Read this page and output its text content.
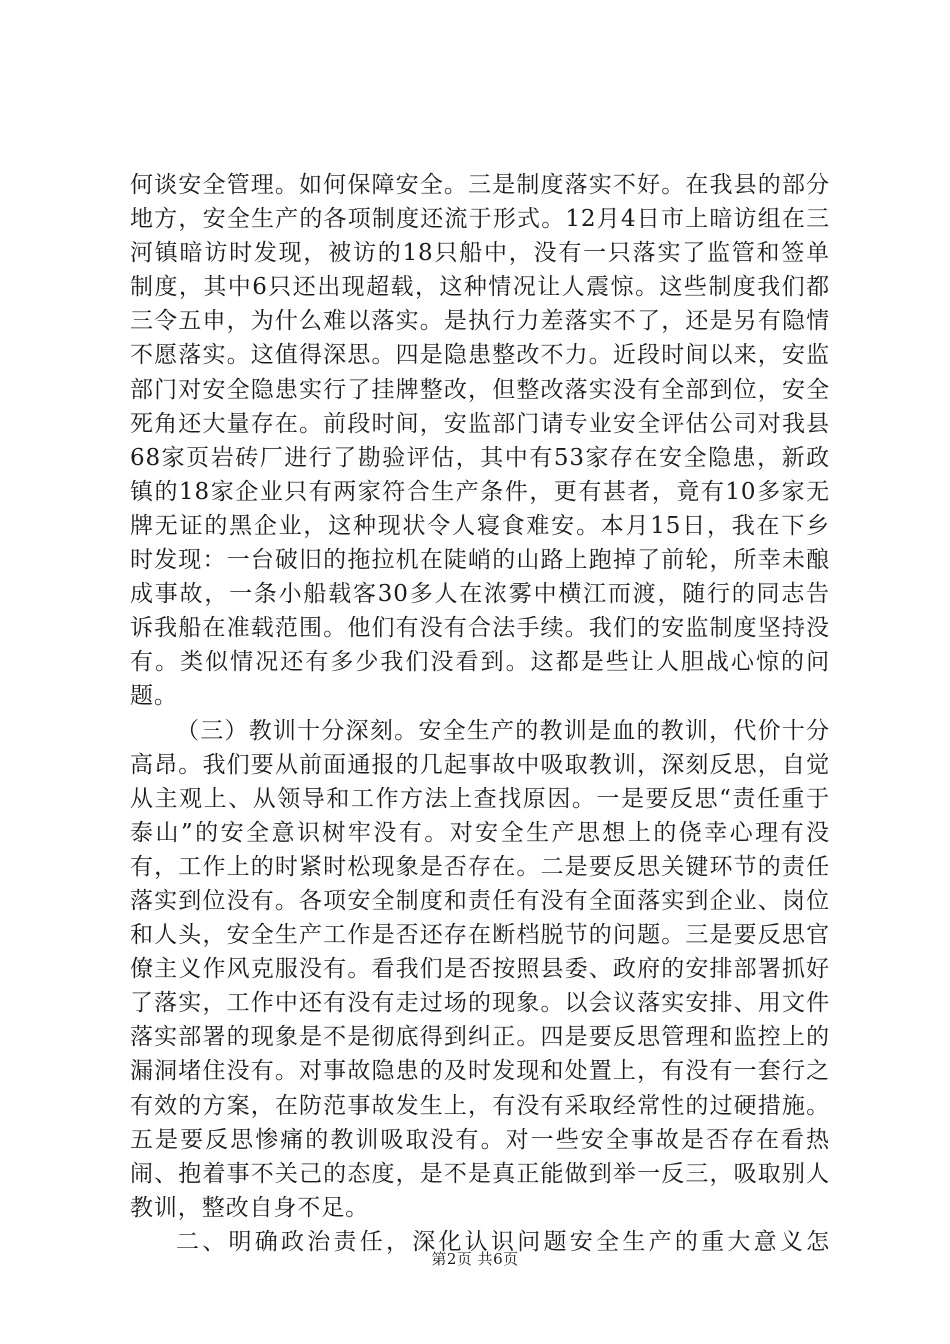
何谈安全管理。如何保障安全。三是制度落实不好。在我县的部分地方，安全生产的各项制度还流于形式。12月4日市上暗访组在三河镇暗访时发现，被访的18只船中，没有一只落实了监管和签单制度，其中6只还出现超载，这种情况让人震惊。这些制度我们都三令五申，为什么难以落实。是执行力差落实不了，还是另有隐情不愿落实。这值得深思。四是隐患整改不力。近段时间以来，安监部门对安全隐患实行了挂牌整改，但整改落实没有全部到位，安全死角还大量存在。前段时间，安监部门请专业安全评估公司对我县68家页岩砖厂进行了勘验评估，其中有53家存在安全隐患，新政镇的18家企业只有两家符合生产条件，更有甚者，竟有10多家无牌无证的黑企业，这种现状令人寝食难安。本月15日，我在下乡时发现：一台破旧的拖拉机在陡峭的山路上跑掉了前轮，所幸未酿成事故，一条小船载客30多人在浓雾中横江而渡，随行的同志告诉我船在准载范围。他们有没有合法手续。我们的安监制度坚持没有。类似情况还有多少我们没看到。这都是些让人胆战心惊的问题。

（三）教训十分深刻。安全生产的教训是血的教训，代价十分高昂。我们要从前面通报的几起事故中吸取教训，深刻反思，自觉从主观上、从领导和工作方法上查找原因。一是要反思“责任重于泰山”的安全意识树牢没有。对安全生产思想上的侥幸心理有没有，工作上的时紧时松现象是否存在。二是要反思关键环节的责任落实到位没有。各项安全制度和责任有没有全面落实到企业、岗位和人头，安全生产工作是否还存在断档脱节的问题。三是要反思官僚主义作风克服没有。看我们是否按照县委、政府的安排部署抓好了落实，工作中还有没有走过场的现象。以会议落实安排、用文件落实部署的现象是不是彻底得到纠正。四是要反思管理和监控上的漏洞堵住没有。对事故隐患的及时发现和处置上，有没有一套行之有效的方案，在防范事故发生上，有没有采取经常性的过硬措施。五是要反思惨痛的教训吸取没有。对一些安全事故是否存在看热闹、抱着事不关己的态度，是不是真正能做到举一反三，吸取别人教训，整改自身不足。

二、明确政治责任，深化认识问题安全生产的重大意义怎

第2页 共6页
